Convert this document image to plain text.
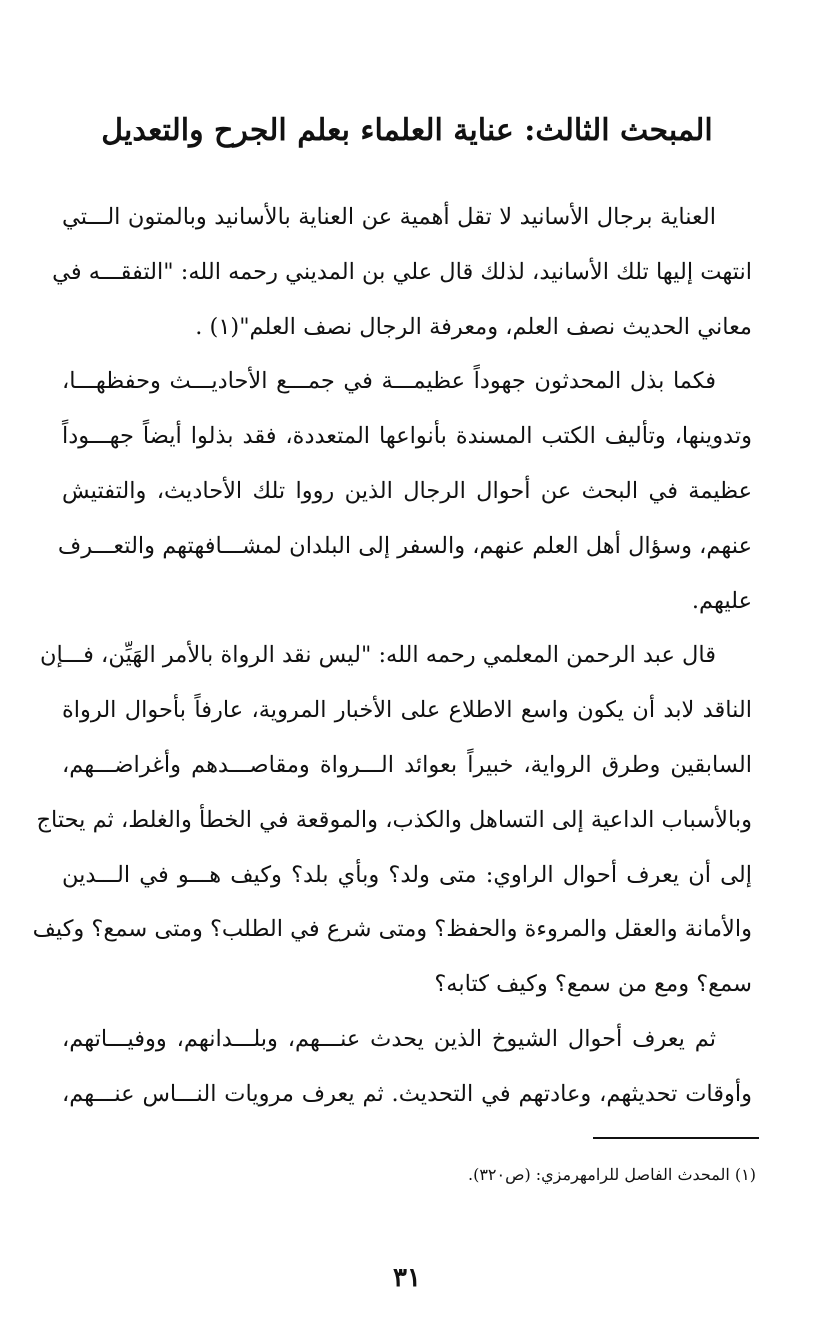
المبحث الثالث: عناية العلماء بعلم الجرح والتعديل
العناية برجال الأسانيد لا تقل أهمية عن العناية بالأسانيد وبالمتون الـــتي
انتهت إليها تلك الأسانيد، لذلك قال علي بن المديني رحمه الله: "التفقـــه في
معاني الحديث نصف العلم، ومعرفة الرجال نصف العلم"(١) .
فكما بذل المحدثون جهوداً عظيمـــة في جمـــع الأحاديـــث وحفظهـــا،
وتدوينها، وتأليف الكتب المسندة بأنواعها المتعددة، فقد بذلوا أيضاً جهـــوداً
عظيمة في البحث عن أحوال الرجال الذين رووا تلك الأحاديث، والتفتيش
عنهم، وسؤال أهل العلم عنهم، والسفر إلى البلدان لمشـــافهتهم والتعـــرف
عليهم.
قال عبد الرحمن المعلمي رحمه الله: "ليس نقد الرواة بالأمر الهَيِّن، فـــإن
الناقد لابد أن يكون واسع الاطلاع على الأخبار المروية، عارفاً بأحوال الرواة
السابقين وطرق الرواية، خبيراً بعوائد الـــرواة ومقاصـــدهم وأغراضـــهم،
وبالأسباب الداعية إلى التساهل والكذب، والموقعة في الخطأ والغلط، ثم يحتاج
إلى أن يعرف أحوال الراوي: متى ولد؟ وبأي بلد؟ وكيف هـــو في الـــدين
والأمانة والعقل والمروءة والحفظ؟ ومتى شرع في الطلب؟ ومتى سمع؟ وكيف
سمع؟ ومع من سمع؟ وكيف كتابه؟
ثم يعرف أحوال الشيوخ الذين يحدث عنـــهم، وبلـــدانهم، ووفيـــاتهم،
وأوقات تحديثهم، وعادتهم في التحديث. ثم يعرف مرويات النـــاس عنـــهم،
(١) المحدث الفاصل للرامهرمزي: (ص٣٢٠).
٣١
